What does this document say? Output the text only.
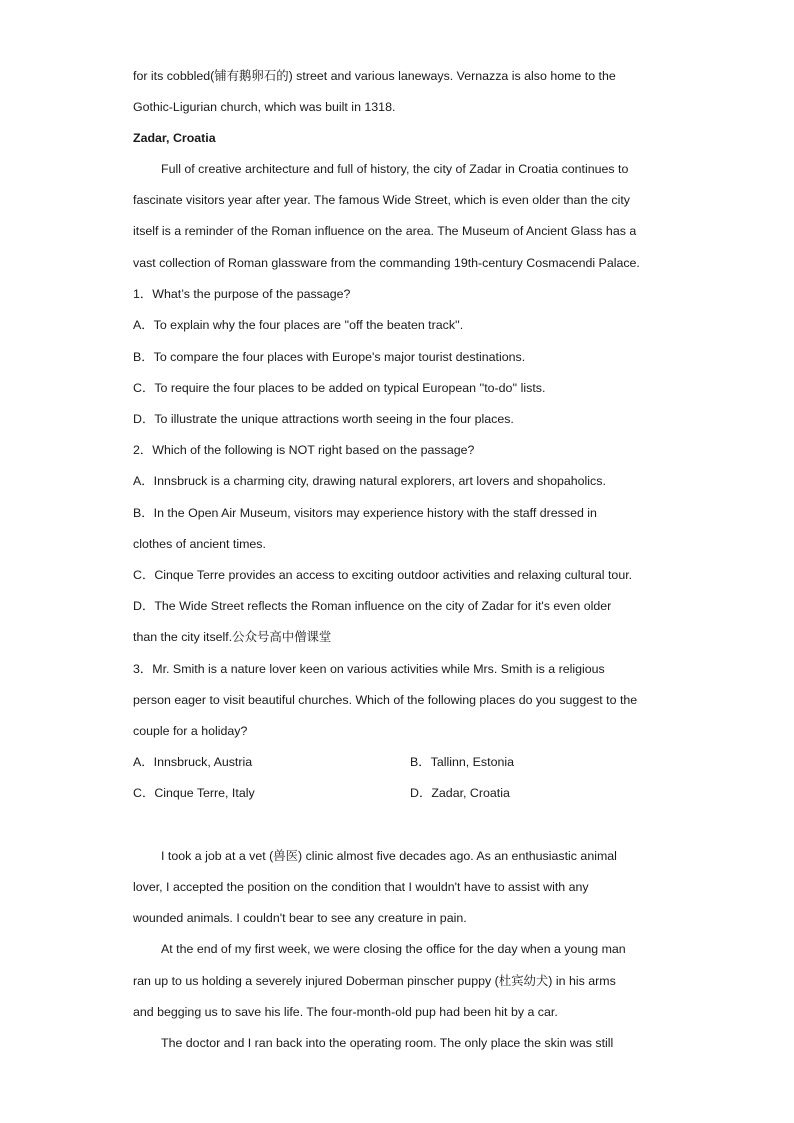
for its cobbled(铺有鹅卵石的) street and various laneways. Vernazza is also home to the
Gothic-Ligurian church, which was built in 1318.
Zadar, Croatia
Full of creative architecture and full of history, the city of Zadar in Croatia continues to
fascinate visitors year after year. The famous Wide Street, which is even older than the city
itself is a reminder of the Roman influence on the area. The Museum of Ancient Glass has a
vast collection of Roman glassware from the commanding 19th-century Cosmacendi Palace.
1．What’s the purpose of the passage?
A．To explain why the four places are ''off the beaten track''.
B．To compare the four places with Europe's major tourist destinations.
C．To require the four places to be added on typical European ''to-do'' lists.
D．To illustrate the unique attractions worth seeing in the four places.
2．Which of the following is NOT right based on the passage?
A．Innsbruck is a charming city, drawing natural explorers, art lovers and shopaholics.
B．In the Open Air Museum, visitors may experience history with the staff dressed in
clothes of ancient times.
C．Cinque Terre provides an access to exciting outdoor activities and relaxing cultural tour.
D．The Wide Street reflects the Roman influence on the city of Zadar for it's even older
than the city itself.公众号高中僧课堂
3．Mr. Smith is a nature lover keen on various activities while Mrs. Smith is a religious
person eager to visit beautiful churches. Which of the following places do you suggest to the
couple for a holiday?
A．Innsbruck, Austria	B．Tallinn, Estonia
C．Cinque Terre, Italy	D．Zadar, Croatia
I took a job at a vet (兽医) clinic almost five decades ago. As an enthusiastic animal
lover, I accepted the position on the condition that I wouldn't have to assist with any
wounded animals. I couldn't bear to see any creature in pain.
At the end of my first week, we were closing the office for the day when a young man
ran up to us holding a severely injured Doberman pinscher puppy (杜宾幼犬) in his arms
and begging us to save his life. The four-month-old pup had been hit by a car.
The doctor and I ran back into the operating room. The only place the skin was still
